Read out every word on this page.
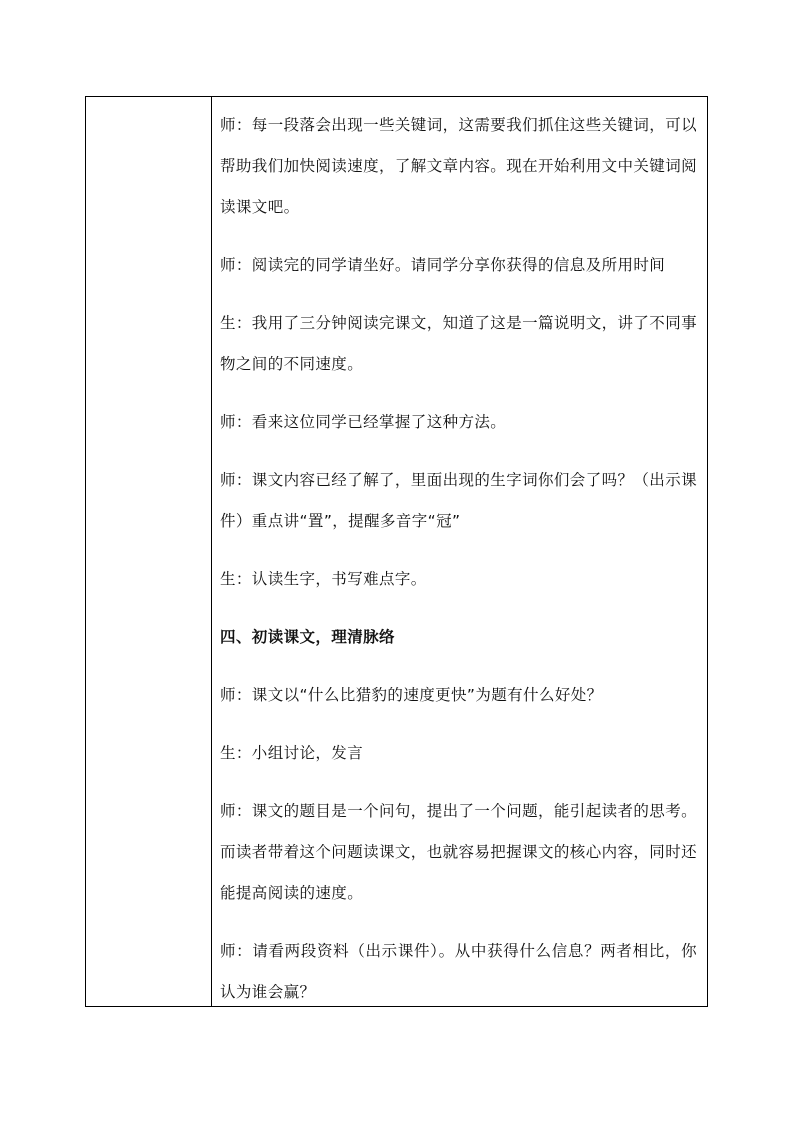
师：每一段落会出现一些关键词，这需要我们抓住这些关键词，可以帮助我们加快阅读速度，了解文章内容。现在开始利用文中关键词阅读课文吧。

师：阅读完的同学请坐好。请同学分享你获得的信息及所用时间

生：我用了三分钟阅读完课文，知道了这是一篇说明文，讲了不同事物之间的不同速度。

师：看来这位同学已经掌握了这种方法。

师：课文内容已经了解了，里面出现的生字词你们会了吗？（出示课件）重点讲“置”，提醒多音字“冠”

生：认读生字，书写难点字。

四、初读课文，理清脉络

师：课文以“什么比猎豹的速度更快”为题有什么好处？

生：小组讨论，发言

师：课文的题目是一个问句，提出了一个问题，能引起读者的思考。而读者带着这个问题读课文，也就容易把握课文的核心内容，同时还能提高阅读的速度。

师：请看两段资料（出示课件）。从中获得什么信息？两者相比，你认为谁会赢？
